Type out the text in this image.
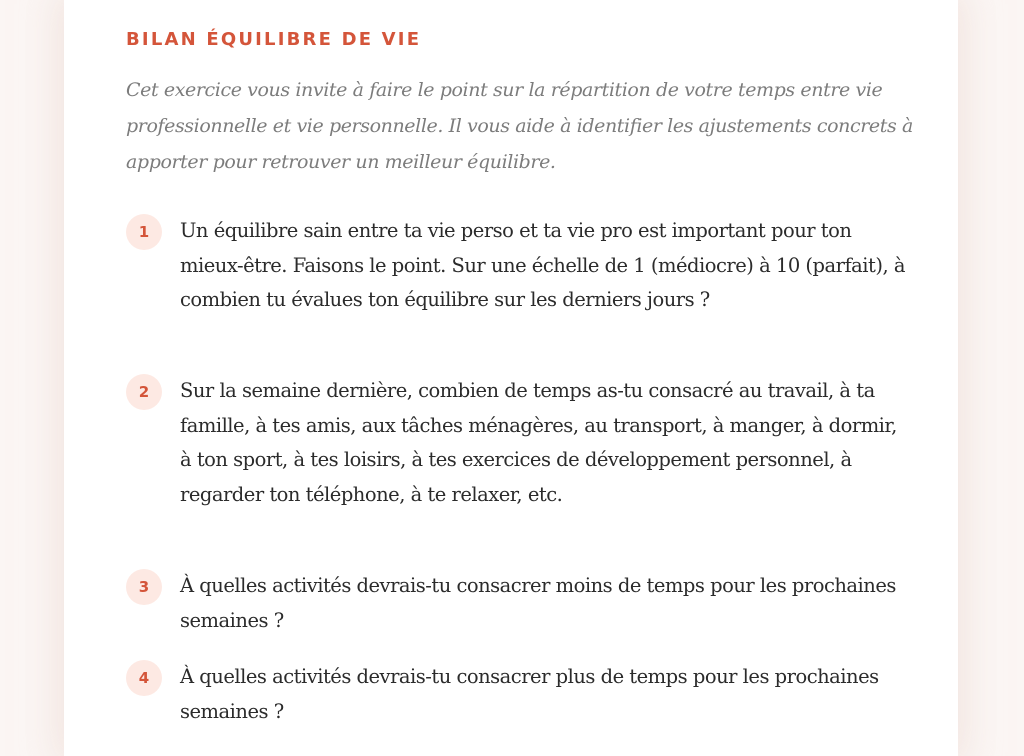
BILAN ÉQUILIBRE DE VIE

Cet exercice vous invite à faire le point sur la répartition de votre temps entre vie professionnelle et vie personnelle. Il vous aide à identifier les ajustements concrets à apporter pour retrouver un meilleur équilibre.

1	Un équilibre sain entre ta vie perso et ta vie pro est important pour ton mieux-être. Faisons le point. Sur une échelle de 1 (médiocre) à 10 (parfait), à combien tu évalues ton équilibre sur les derniers jours ?

2	Sur la semaine dernière, combien de temps as-tu consacré au travail, à ta famille, à tes amis, aux tâches ménagères, au transport, à manger, à dormir, à ton sport, à tes loisirs, à tes exercices de développement personnel, à regarder ton téléphone, à te relaxer, etc.

3	À quelles activités devrais-tu consacrer moins de temps pour les prochaines semaines ?

4	À quelles activités devrais-tu consacrer plus de temps pour les prochaines semaines ?
